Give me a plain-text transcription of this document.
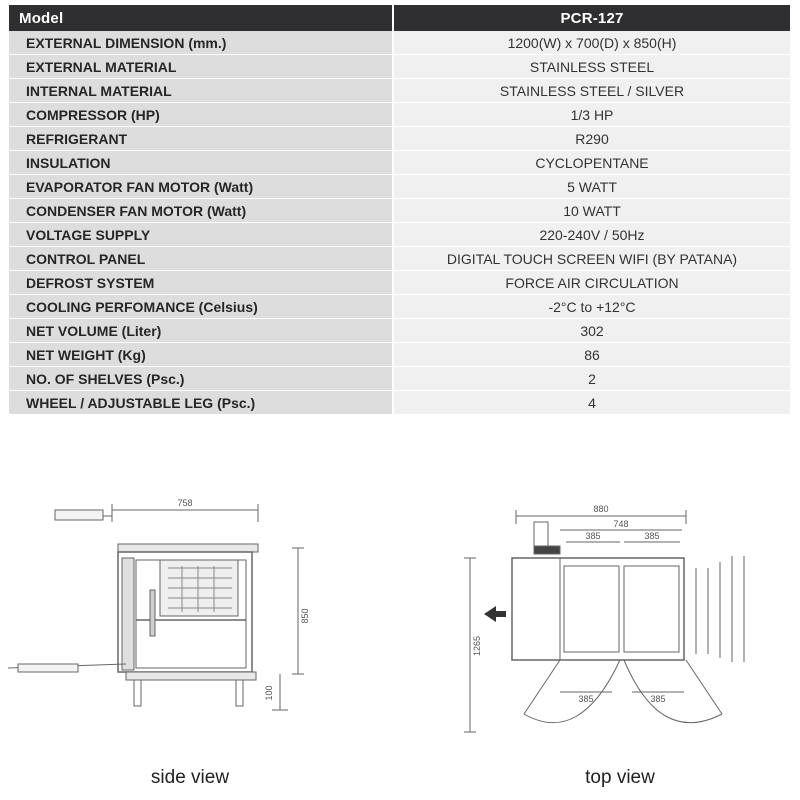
Model	PCR-127
EXTERNAL DIMENSION (mm.)	1200(W) x 700(D) x 850(H)
EXTERNAL MATERIAL	STAINLESS STEEL
INTERNAL MATERIAL	STAINLESS STEEL / SILVER
COMPRESSOR (HP)	1/3 HP
REFRIGERANT	R290
INSULATION	CYCLOPENTANE
EVAPORATOR FAN MOTOR (Watt)	5 WATT
CONDENSER FAN MOTOR (Watt)	10 WATT
VOLTAGE SUPPLY	220-240V / 50Hz
CONTROL PANEL	DIGITAL TOUCH SCREEN WIFI (BY PATANA)
DEFROST SYSTEM	FORCE AIR CIRCULATION
COOLING PERFOMANCE (Celsius)	-2°C to +12°C
NET VOLUME (Liter)	302
NET WEIGHT (Kg)	86
NO. OF SHELVES (Psc.)	2
WHEEL / ADJUSTABLE LEG (Psc.)	4
758
850
100
side view
880
748
385	385
1265
385	385
top view
